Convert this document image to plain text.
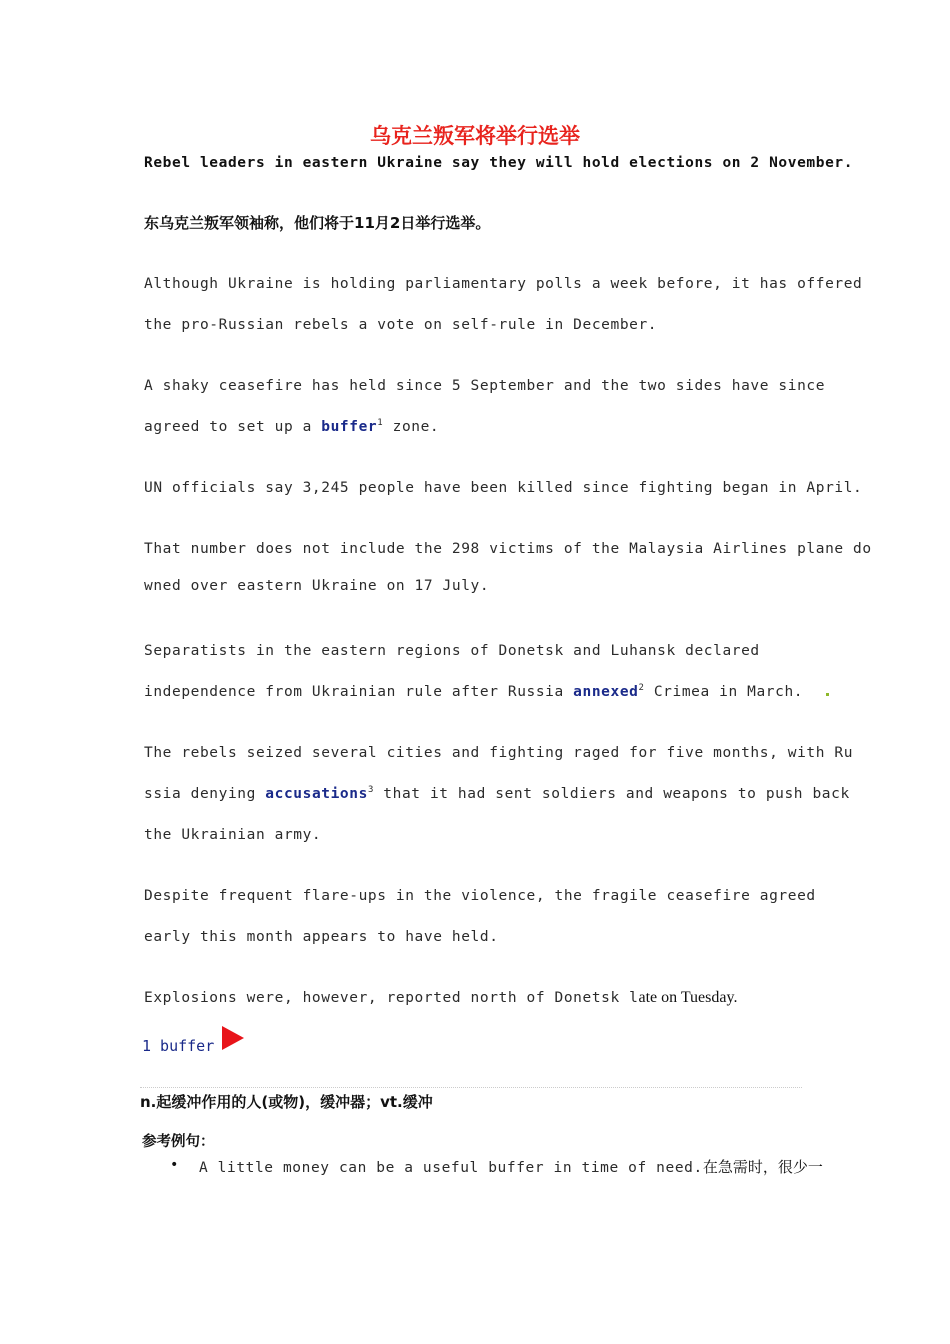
乌克兰叛军将举行选举
Rebel leaders in eastern Ukraine say they will hold elections on 2 November.
东乌克兰叛军领袖称，他们将于11月2日举行选举。
Although Ukraine is holding parliamentary polls a week before, it has offered
the pro-Russian rebels a vote on self-rule in December.
A shaky ceasefire has held since 5 September and the two sides have since
agreed to set up a buffer$^1$ zone.
UN officials say 3,245 people have been killed since fighting began in April.
That number does not include the 298 victims of the Malaysia Airlines plane do
wned over eastern Ukraine on 17 July.
Separatists in the eastern regions of Donetsk and Luhansk declared
independence from Ukrainian rule after Russia annexed$^2$ Crimea in March.
The rebels seized several cities and fighting raged for five months, with Ru
ssia denying accusations$^3$ that it had sent soldiers and weapons to push back
the Ukrainian army.
Despite frequent flare-ups in the violence, the fragile ceasefire agreed
early this month appears to have held.
Explosions were, however, reported north of Donetsk late on Tuesday.
1 buffer
n.起缓冲作用的人(或物)，缓冲器；vt.缓冲
参考例句：
• A little money can be a useful buffer in time of need.在急需时，很少一
